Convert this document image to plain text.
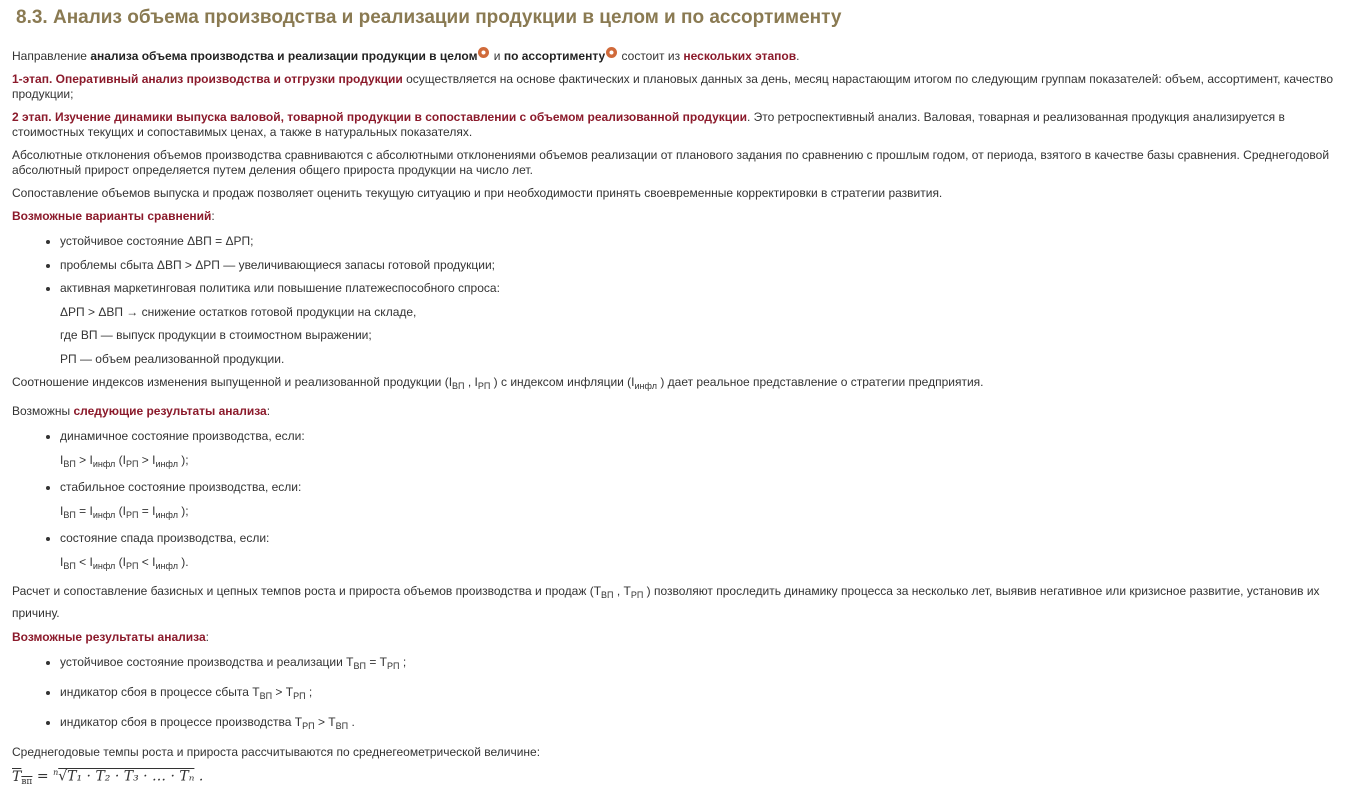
8.3. Анализ объема производства и реализации продукции в целом и по ассортименту

Направление анализа объема производства и реализации продукции в целом и по ассортименту состоит из нескольких этапов.

1-этап. Оперативный анализ производства и отгрузки продукции осуществляется на основе фактических и плановых данных за день, месяц нарастающим итогом по следующим группам показателей: объем, ассортимент, качество продукции;

2 этап. Изучение динамики выпуска валовой, товарной продукции в сопоставлении с объемом реализованной продукции. Это ретроспективный анализ. Валовая, товарная и реализованная продукция анализируется в стоимостных текущих и сопоставимых ценах, а также в натуральных показателях.

Абсолютные отклонения объемов производства сравниваются с абсолютными отклонениями объемов реализации от планового задания по сравнению с прошлым годом, от периода, взятого в качестве базы сравнения. Среднегодовой абсолютный прирост определяется путем деления общего прироста продукции на число лет.

Сопоставление объемов выпуска и продаж позволяет оценить текущую ситуацию и при необходимости принять своевременные корректировки в стратегии развития.

Возможные варианты сравнений:

• устойчивое состояние ΔВП = ΔРП;
• проблемы сбыта ΔВП > ΔРП — увеличивающиеся запасы готовой продукции;
• активная маркетинговая политика или повышение платежеспособного спроса:
ΔРП > ΔВП → снижение остатков готовой продукции на складе,
где ВП — выпуск продукции в стоимостном выражении;
РП — объем реализованной продукции.

Соотношение индексов изменения выпущенной и реализованной продукции ($I_{ВП}$ , $I_{РП}$ ) с индексом инфляции ($I_{инфл}$ ) дает реальное представление о стратегии предприятия.

Возможны следующие результаты анализа:

• динамичное состояние производства, если:
$I_{ВП} > I_{инфл}$ ($I_{РП} > I_{инфл}$ );
• стабильное состояние производства, если:
$I_{ВП} = I_{инфл}$ ($I_{РП} = I_{инфл}$ );
• состояние спада производства, если:
$I_{ВП} < I_{инфл}$ ($I_{РП} < I_{инфл}$ ).

Расчет и сопоставление базисных и цепных темпов роста и прироста объемов производства и продаж ($T_{ВП}$ , $T_{РП}$ ) позволяют проследить динамику процесса за несколько лет, выявив негативное или кризисное развитие, установив их причину.

Возможные результаты анализа:

• устойчивое состояние производства и реализации $T_{ВП} = T_{РП}$ ;
• индикатор сбоя в процессе сбыта $T_{ВП} > T_{РП}$ ;
• индикатор сбоя в процессе производства $T_{РП} > T_{ВП}$ .

Среднегодовые темпы роста и прироста рассчитываются по среднегеометрической величине:

$T_{вп} = ^n√T_1 \cdot T_2 \cdot T_3$ · … · Tₙ .
